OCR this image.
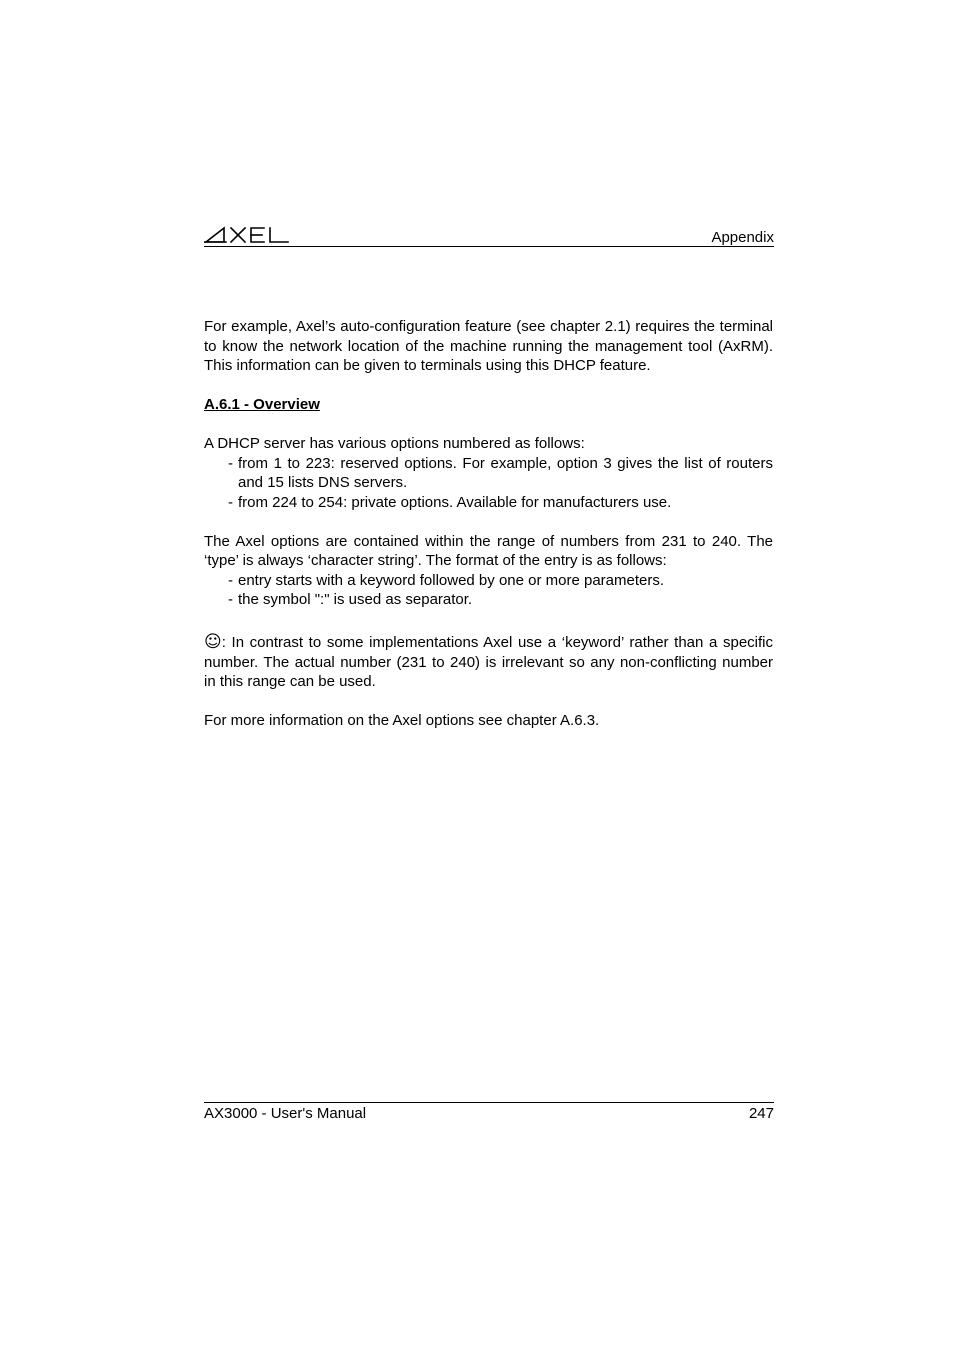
Appendix

For example, Axel’s auto-configuration feature (see chapter 2.1) requires the terminal to know the network location of the machine running the management tool (AxRM). This information can be given to terminals using this DHCP feature.

A.6.1 - Overview

A DHCP server has various options numbered as follows:

- from 1 to 223: reserved options. For example, option 3 gives the list of routers and 15 lists DNS servers.
- from 224 to 254: private options. Available for manufacturers use.

The Axel options are contained within the range of numbers from 231 to 240. The ‘type’ is always ‘character string’. The format of the entry is as follows:

- entry starts with a keyword followed by one or more parameters.
- the symbol ":" is used as separator.

☺: In contrast to some implementations Axel use a ‘keyword’ rather than a specific number. The actual number (231 to 240) is irrelevant so any non-conflicting number in this range can be used.

For more information on the Axel options see chapter A.6.3.

AX3000 - User's Manual	247
